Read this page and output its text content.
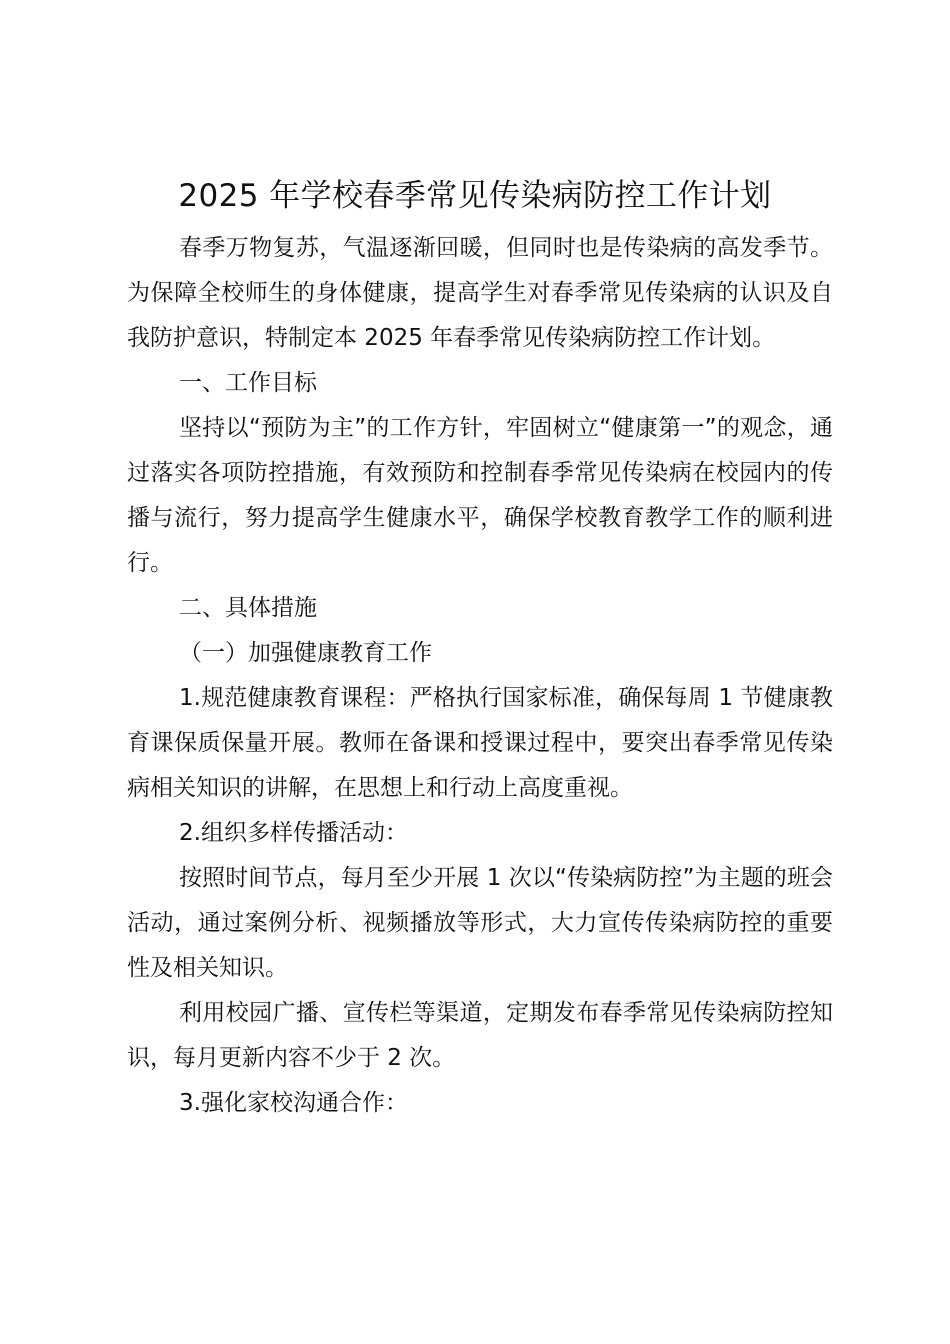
2025 年学校春季常见传染病防控工作计划

春季万物复苏，气温逐渐回暖，但同时也是传染病的高发季节。为保障全校师生的身体健康，提高学生对春季常见传染病的认识及自我防护意识，特制定本 2025 年春季常见传染病防控工作计划。

一、工作目标

坚持以“预防为主”的工作方针，牢固树立“健康第一”的观念，通过落实各项防控措施，有效预防和控制春季常见传染病在校园内的传播与流行，努力提高学生健康水平，确保学校教育教学工作的顺利进行。

二、具体措施

（一）加强健康教育工作

1.规范健康教育课程：严格执行国家标准，确保每周 1 节健康教育课保质保量开展。教师在备课和授课过程中，要突出春季常见传染病相关知识的讲解，在思想上和行动上高度重视。

2.组织多样传播活动：

按照时间节点，每月至少开展 1 次以“传染病防控”为主题的班会活动，通过案例分析、视频播放等形式，大力宣传传染病防控的重要性及相关知识。

利用校园广播、宣传栏等渠道，定期发布春季常见传染病防控知识，每月更新内容不少于 2 次。

3.强化家校沟通合作：
